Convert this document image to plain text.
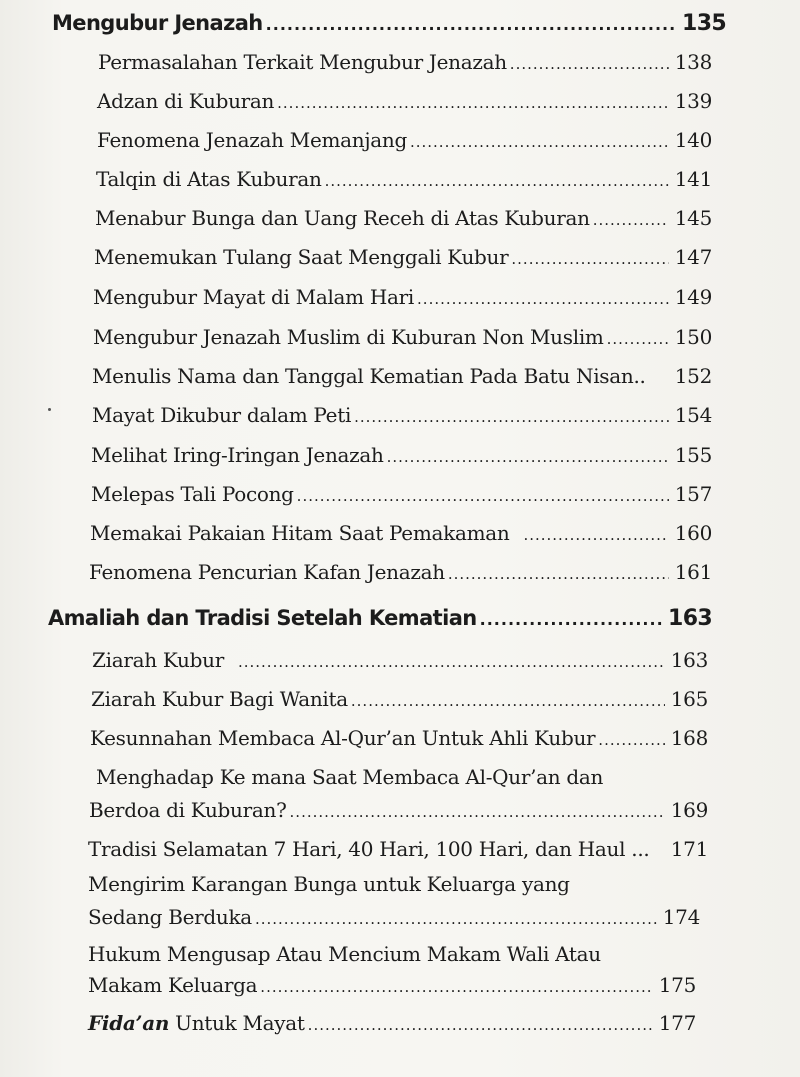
Mengubur Jenazah .....	135
Permasalahan Terkait Mengubur Jenazah .....	138
Adzan di Kuburan .....	139
Fenomena Jenazah Memanjang .....	140
Talqin di Atas Kuburan .....	141
Menabur Bunga dan Uang Receh di Atas Kuburan .....	145
Menemukan Tulang Saat Menggali Kubur .....	147
Mengubur Mayat di Malam Hari .....	149
Mengubur Jenazah Muslim di Kuburan Non Muslim .....	150
Menulis Nama dan Tanggal Kematian Pada Batu Nisan.. 152
Mayat Dikubur dalam Peti .....	154
Melihat Iring-Iringan Jenazah .....	155
Melepas Tali Pocong .....	157
Memakai Pakaian Hitam Saat Pemakaman .....	160
Fenomena Pencurian Kafan Jenazah .....	161
Amaliah dan Tradisi Setelah Kematian .....	163
Ziarah Kubur .....	163
Ziarah Kubur Bagi Wanita .....	165
Kesunnahan Membaca Al-Qur’an Untuk Ahli Kubur .....	168
Menghadap Ke mana Saat Membaca Al-Qur’an dan
Berdoa di Kuburan? .....	169
Tradisi Selamatan 7 Hari, 40 Hari, 100 Hari, dan Haul ... 171
Mengirim Karangan Bunga untuk Keluarga yang
Sedang Berduka .....	174
Hukum Mengusap Atau Mencium Makam Wali Atau
Makam Keluarga .....	175
Fida’an Untuk Mayat .....	177
